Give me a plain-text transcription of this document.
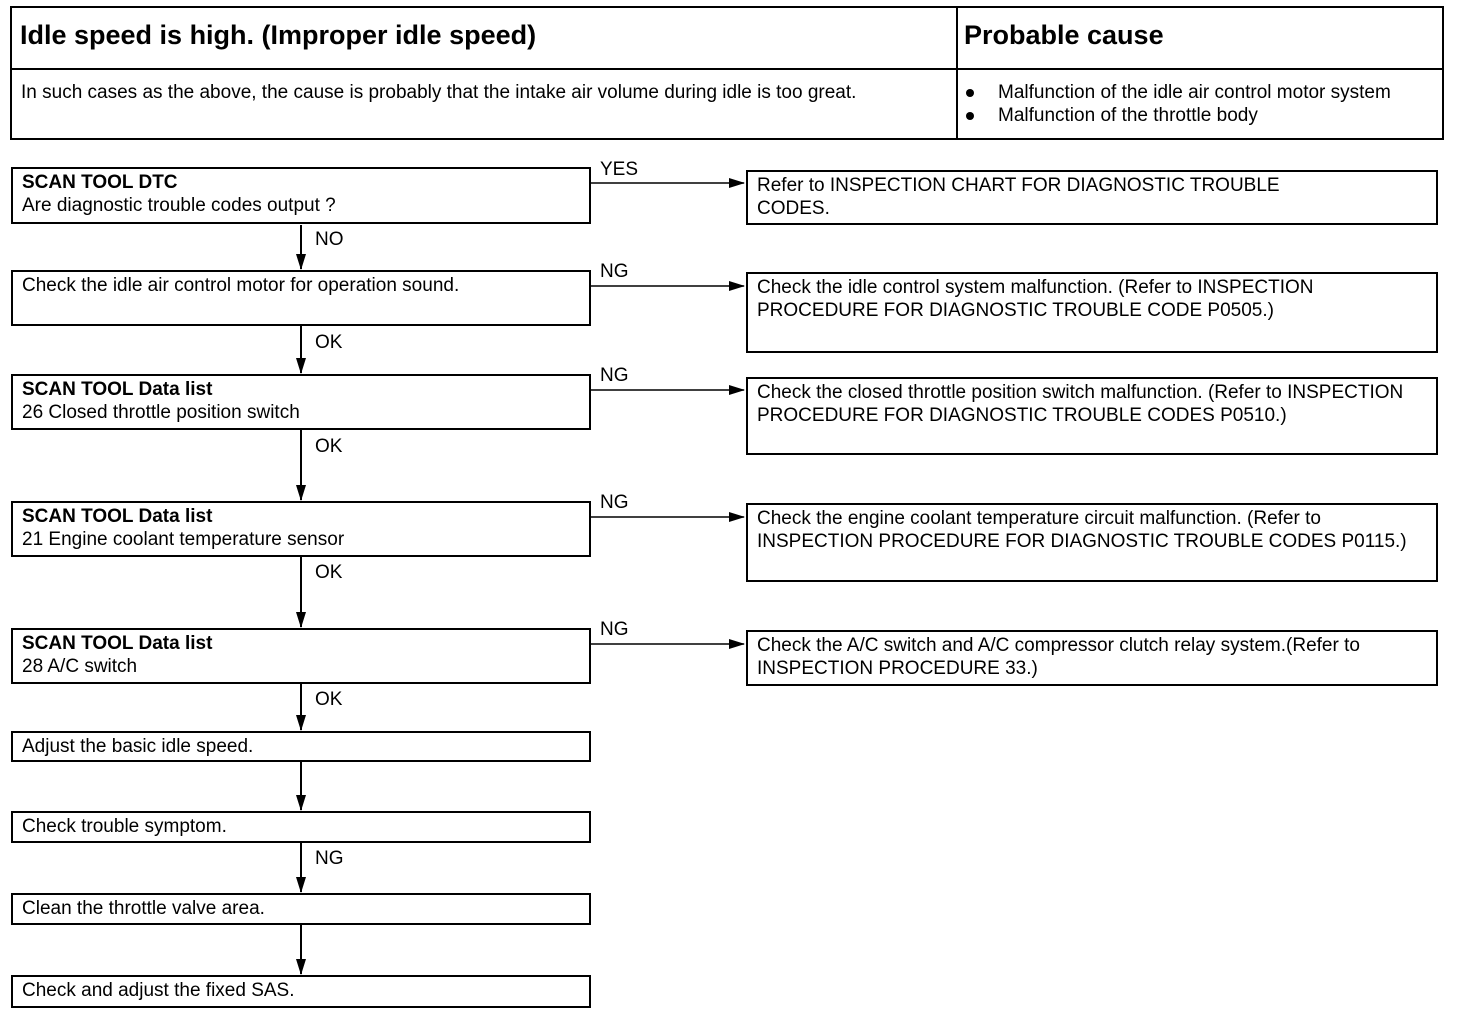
Idle speed is high. (Improper idle speed)	Probable cause
In such cases as the above, the cause is probably that the intake air volume during idle is too great.	Malfunction of the idle air control motor system
Malfunction of the throttle body
SCAN TOOL DTC
Are diagnostic trouble codes output ?
Check the idle air control motor for operation sound.
SCAN TOOL Data list
26 Closed throttle position switch
SCAN TOOL Data list
21 Engine coolant temperature sensor
SCAN TOOL Data list
28 A/C switch
Adjust the basic idle speed.
Check trouble symptom.
Clean the throttle valve area.
Check and adjust the fixed SAS.
Refer to INSPECTION CHART FOR DIAGNOSTIC TROUBLE CODES.
Check the idle control system malfunction. (Refer to INSPECTION PROCEDURE FOR DIAGNOSTIC TROUBLE CODE P0505.)
Check the closed throttle position switch malfunction. (Refer to INSPECTION PROCEDURE FOR DIAGNOSTIC TROUBLE CODES P0510.)
Check the engine coolant temperature circuit malfunction. (Refer to INSPECTION PROCEDURE FOR DIAGNOSTIC TROUBLE CODES P0115.)
Check the A/C switch and A/C compressor clutch relay system.(Refer to INSPECTION PROCEDURE 33.)
YES
NG
NG
NG
NG
NO
OK
OK
OK
OK
NG
